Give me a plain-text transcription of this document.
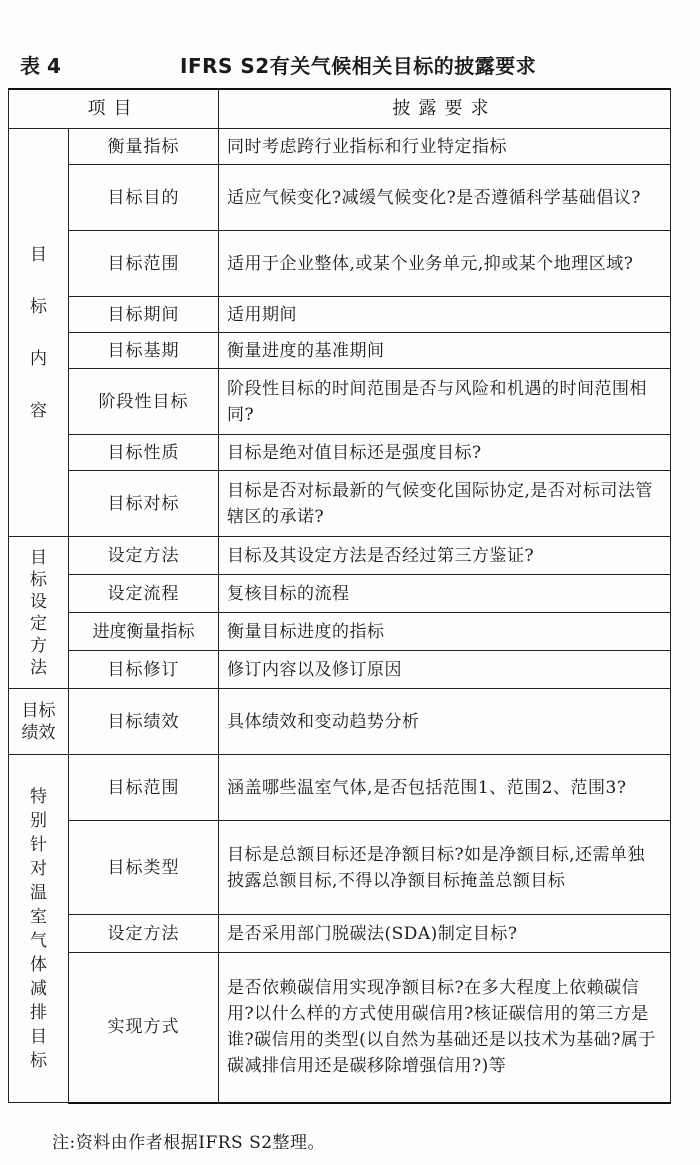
表 4	IFRS S2有关气候相关目标的披露要求
项目		披露要求
目标内容	衡量指标	同时考虑跨行业指标和行业特定指标
	目标目的	适应气候变化?减缓气候变化?是否遵循科学基础倡议?
	目标范围	适用于企业整体,或某个业务单元,抑或某个地理区域?
	目标期间	适用期间
	目标基期	衡量进度的基准期间
	阶段性目标	阶段性目标的时间范围是否与风险和机遇的时间范围相同?
	目标性质	目标是绝对值目标还是强度目标?
	目标对标	目标是否对标最新的气候变化国际协定,是否对标司法管辖区的承诺?
目标设定方法	设定方法	目标及其设定方法是否经过第三方鉴证?
	设定流程	复核目标的流程
	进度衡量指标	衡量目标进度的指标
	目标修订	修订内容以及修订原因
目标绩效	目标绩效	具体绩效和变动趋势分析
特别针对温室气体减排目标	目标范围	涵盖哪些温室气体,是否包括范围1、范围2、范围3?
	目标类型	目标是总额目标还是净额目标?如是净额目标,还需单独披露总额目标,不得以净额目标掩盖总额目标
	设定方法	是否采用部门脱碳法(SDA)制定目标?
	实现方式	是否依赖碳信用实现净额目标?在多大程度上依赖碳信用?以什么样的方式使用碳信用?核证碳信用的第三方是谁?碳信用的类型(以自然为基础还是以技术为基础?属于碳减排信用还是碳移除增强信用?)等
注:资料由作者根据IFRS S2整理。
